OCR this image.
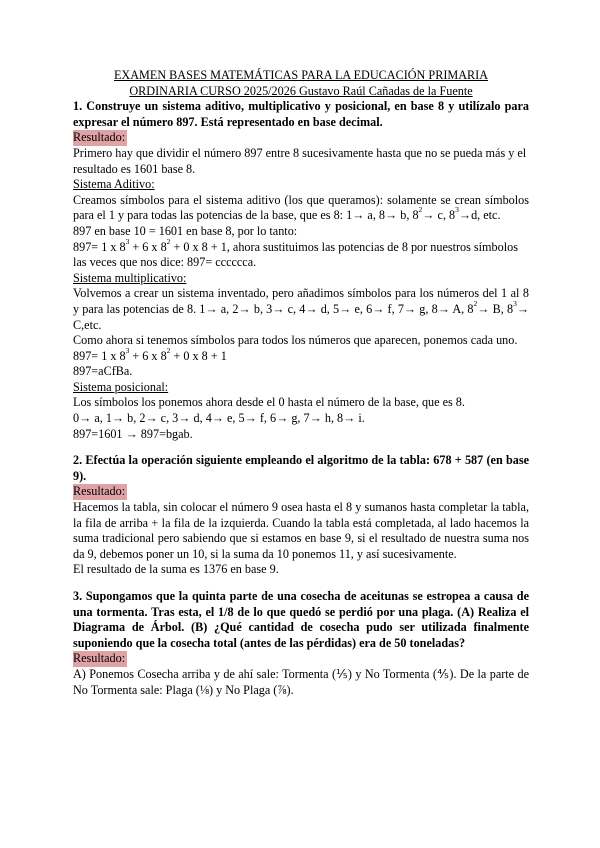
EXAMEN BASES MATEMÁTICAS PARA LA EDUCACIÓN PRIMARIA
ORDINARIA CURSO 2025/2026 Gustavo Raúl Cañadas de la Fuente

1. Construye un sistema aditivo, multiplicativo y posicional, en base 8 y utilízalo para expresar el número 897. Está representado en base decimal.

Resultado:

Primero hay que dividir el número 897 entre 8 sucesivamente hasta que no se pueda más y el resultado es 1601 base 8.

Sistema Aditivo:

Creamos símbolos para el sistema aditivo (los que queramos): solamente se crean símbolos para el 1 y para todas las potencias de la base, que es 8: 1→ a, 8→ b, $8^2\to c$, $8^3\to d$, etc.

897 en base 10 = 1601 en base 8, por lo tanto:

897= 1 x $8^3 + 6$ x $8^2 + 0$ x 8 + 1, ahora sustituimos las potencias de 8 por nuestros símbolos las veces que nos dice: 897= cccccca.

Sistema multiplicativo:

Volvemos a crear un sistema inventado, pero añadimos símbolos para los números del 1 al 8 y para las potencias de 8. 1→ a, 2→ b, 3→ c, 4→ d, 5→ e, 6→ f, 7→ g, 8→ A, $8^2\to B$, $8^3\to C,etc$.

Como ahora si tenemos símbolos para todos los números que aparecen, ponemos cada uno.

897= 1 x $8^3 + 6$ x $8^2 + 0$ x 8 + 1

897=aCfBa.

Sistema posicional:

Los símbolos los ponemos ahora desde el 0 hasta el número de la base, que es 8.

0→ a, 1→ b, 2→ c, 3→ d, 4→ e, 5→ f, 6→ g, 7→ h, 8→ i.

897=1601 → 897=bgab.

2. Efectúa la operación siguiente empleando el algoritmo de la tabla: 678 + 587 (en base 9).

Resultado:

Hacemos la tabla, sin colocar el número 9 osea hasta el 8 y sumanos hasta completar la tabla, la fila de arriba + la fila de la izquierda. Cuando la tabla está completada, al lado hacemos la suma tradicional pero sabiendo que si estamos en base 9, si el resultado de nuestra suma nos da 9, debemos poner un 10, si la suma da 10 ponemos 11, y así sucesivamente.

El resultado de la suma es 1376 en base 9.

3. Supongamos que la quinta parte de una cosecha de aceitunas se estropea a causa de una tormenta. Tras esta, el 1/8 de lo que quedó se perdió por una plaga. (A) Realiza el Diagrama de Árbol. (B) ¿Qué cantidad de cosecha pudo ser utilizada finalmente suponiendo que la cosecha total (antes de las pérdidas) era de 50 toneladas?

Resultado:

A) Ponemos Cosecha arriba y de ahí sale: Tormenta (⅕) y No Tormenta (⅘). De la parte de No Tormenta sale: Plaga (⅛) y No Plaga (⅞).
